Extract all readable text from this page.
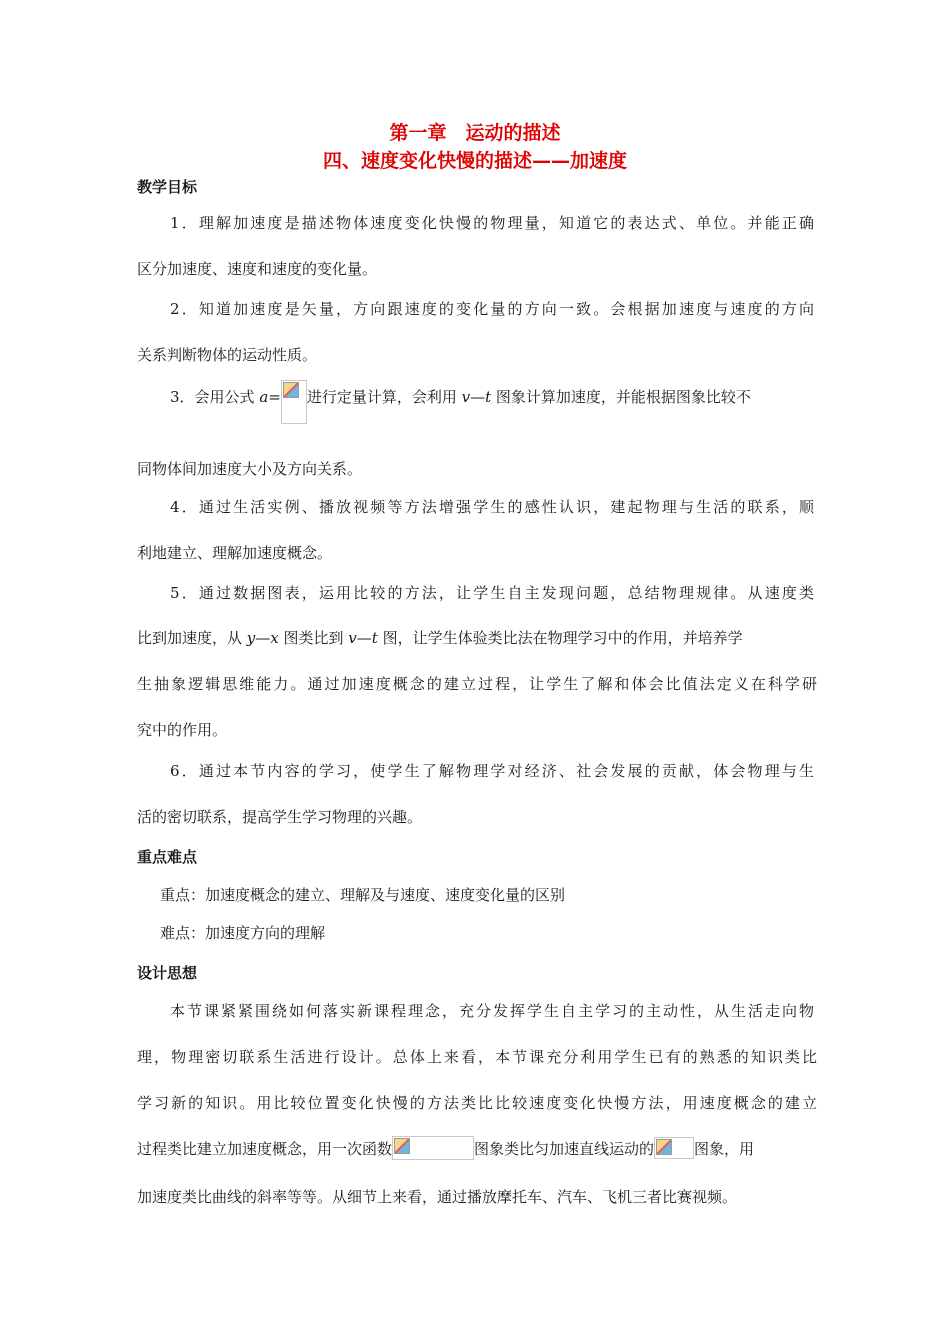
第一章　运动的描述
四、速度变化快慢的描述——加速度
教学目标
1．理解加速度是描述物体速度变化快慢的物理量，知道它的表达式、单位。并能正确
区分加速度、速度和速度的变化量。
2．知道加速度是矢量，方向跟速度的变化量的方向一致。会根据加速度与速度的方向
关系判断物体的运动性质。
3．会用公式 a= 进行定量计算，会利用 v—t 图象计算加速度，并能根据图象比较不
同物体间加速度大小及方向关系。
4．通过生活实例、播放视频等方法增强学生的感性认识，建起物理与生活的联系，顺
利地建立、理解加速度概念。
5．通过数据图表，运用比较的方法，让学生自主发现问题，总结物理规律。从速度类
比到加速度，从 y—x 图类比到 v—t 图，让学生体验类比法在物理学习中的作用，并培养学
生抽象逻辑思维能力。通过加速度概念的建立过程，让学生了解和体会比值法定义在科学研
究中的作用。
6．通过本节内容的学习，使学生了解物理学对经济、社会发展的贡献，体会物理与生
活的密切联系，提高学生学习物理的兴趣。
重点难点
重点：加速度概念的建立、理解及与速度、速度变化量的区别
难点：加速度方向的理解
设计思想
本节课紧紧围绕如何落实新课程理念，充分发挥学生自主学习的主动性，从生活走向物
理，物理密切联系生活进行设计。总体上来看，本节课充分利用学生已有的熟悉的知识类比
学习新的知识。用比较位置变化快慢的方法类比比较速度变化快慢方法，用速度概念的建立
过程类比建立加速度概念，用一次函数	图象类比匀加速直线运动的	图象，用
加速度类比曲线的斜率等等。从细节上来看，通过播放摩托车、汽车、飞机三者比赛视频。
